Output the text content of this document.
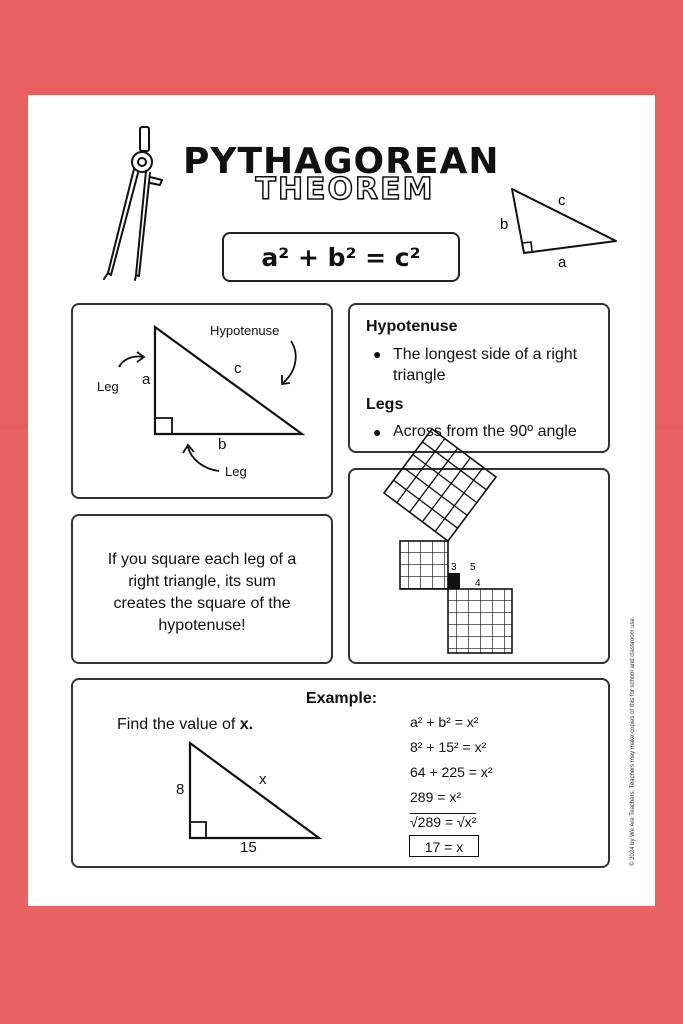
PYTHAGOREAN
THEOREM	c
b
a
a² + b² = c²
Hypotenuse
Leg
Leg
a
b
c
Hypotenuse
● The longest side of a right triangle
Legs
● Across from the 90º angle
If you square each leg of a right triangle, its sum creates the square of the hypotenuse!
3 5
4
Example:
Find the value of x.
8
15
x
a² + b² = x²
8² + 15² = x²
64 + 225 = x²
289 = x²
√289 = √x²
17 = x	© 2024 by We Are Teachers. Teachers may make copies of this for school and classroom use.
